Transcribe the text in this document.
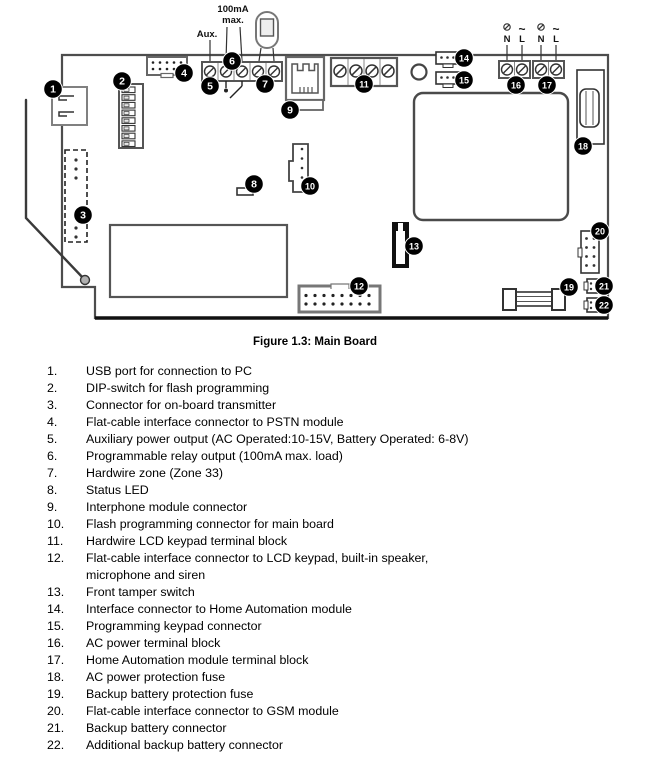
Aux.
100mA
max.
~ ~
N L N L
1
2
3
4
5
6
7
8
9
10
11
12
13
14
15	16 17
18
19
20
21
22
Figure 1.3: Main Board
1.	USB port for connection to PC
2.	DIP-switch for flash programming
3.	Connector for on-board transmitter
4.	Flat-cable interface connector to PSTN module
5.	Auxiliary power output (AC Operated:10-15V, Battery Operated: 6-8V)
6.	Programmable relay output (100mA max. load)
7.	Hardwire zone (Zone 33)
8.	Status LED
9.	Interphone module connector
10.	Flash programming connector for main board
11.	Hardwire LCD keypad terminal block
12.	Flat-cable interface connector to LCD keypad, built-in speaker,
microphone and siren
13.	Front tamper switch
14.	Interface connector to Home Automation module
15.	Programming keypad connector
16.	AC power terminal block
17.	Home Automation module terminal block
18.	AC power protection fuse
19.	Backup battery protection fuse
20.	Flat-cable interface connector to GSM module
21.	Backup battery connector
22.	Additional backup battery connector
